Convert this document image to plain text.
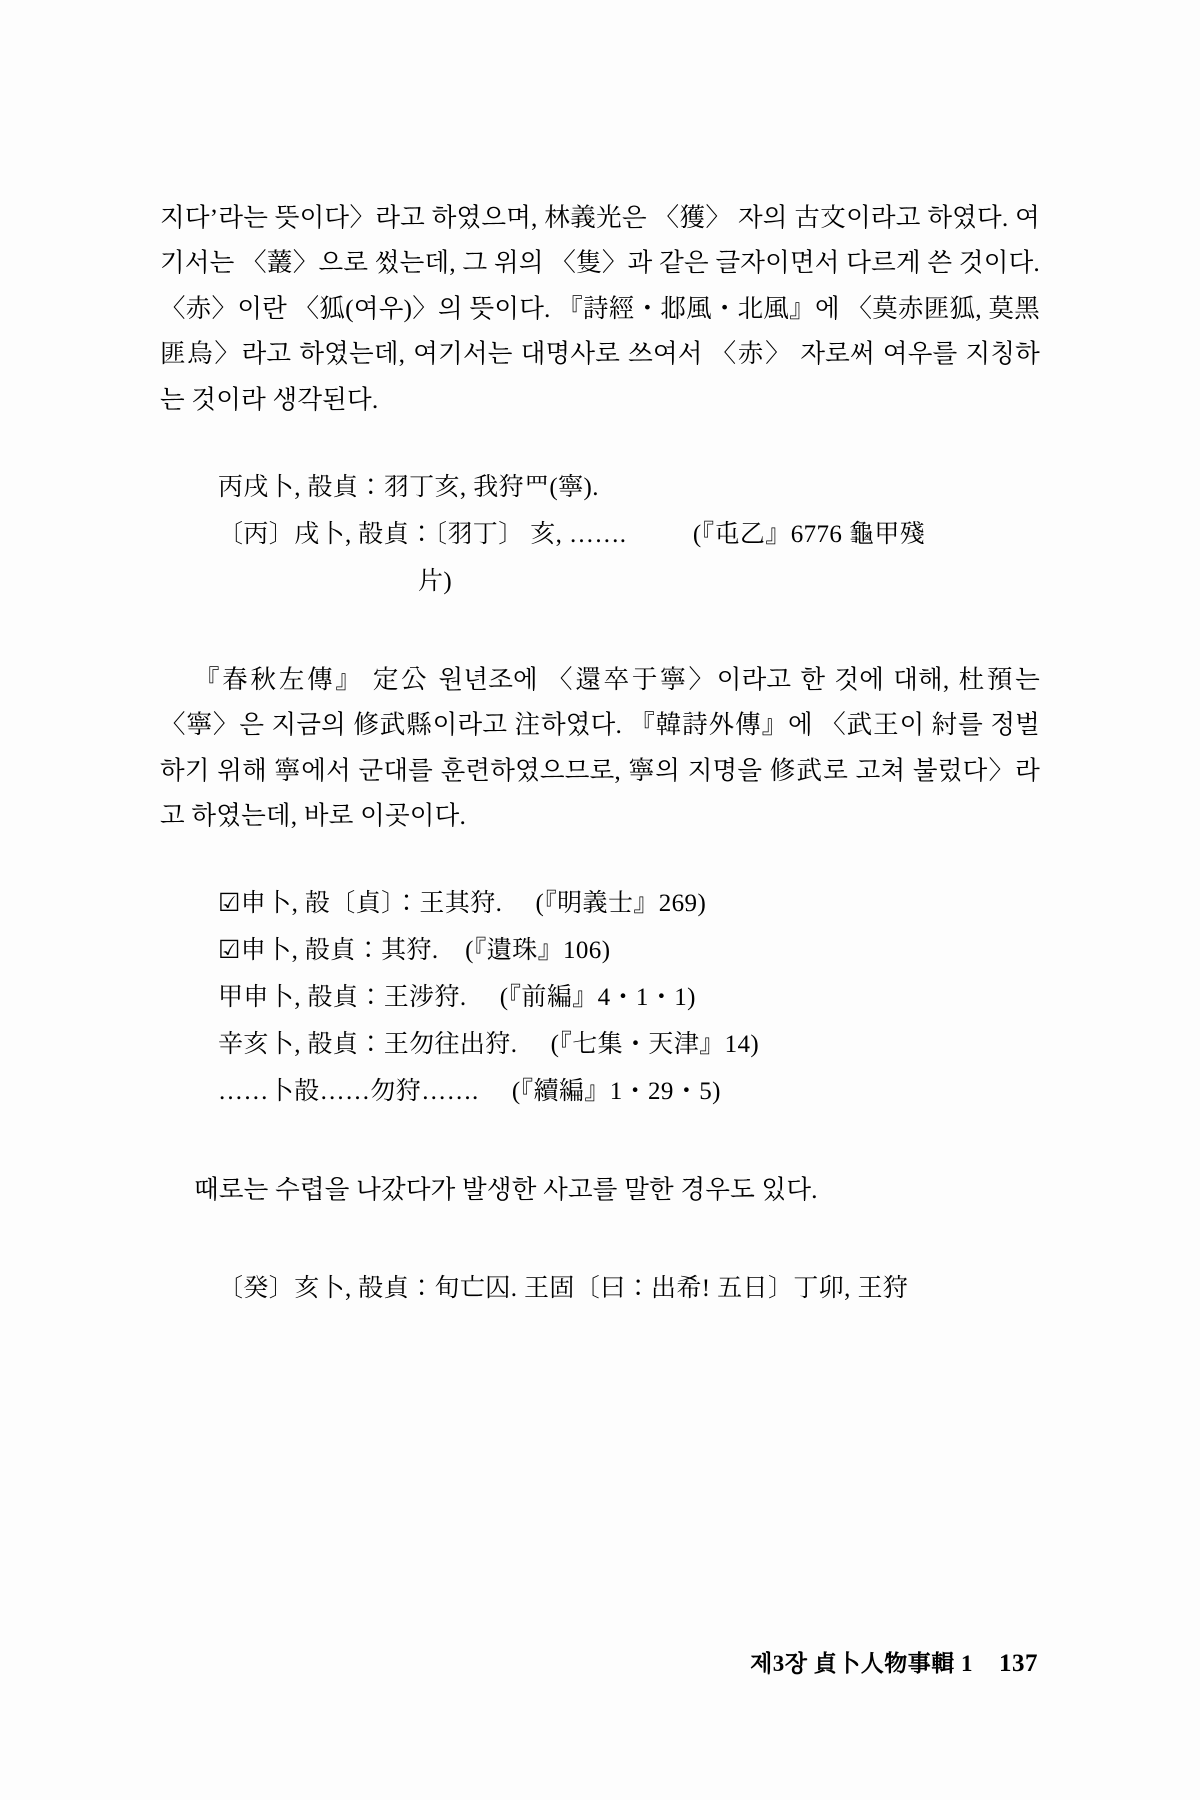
지다’라는 뜻이다〉라고 하였으며, 林義光은 〈獲〉 자의 古文이라고 하였다. 여기서는 〈䕺〉으로 썼는데, 그 위의 〈隻〉과 같은 글자이면서 다르게 쓴 것이다. 〈赤〉이란 〈狐(여우)〉의 뜻이다. 『詩經・邶風・北風』에 〈莫赤匪狐, 莫黑匪烏〉라고 하였는데, 여기서는 대명사로 쓰여서 〈赤〉 자로써 여우를 지칭하는 것이라 생각된다.

丙戌卜, 㱿貞：羽丁亥, 我狩罒(寧).
〔丙〕戌卜, 㱿貞：〔羽丁〕 亥, …….          (『屯乙』6776 龜甲殘
片)

『春秋左傳』 定公 원년조에 〈還卒于寧〉이라고 한 것에 대해, 杜預는 〈寧〉은 지금의 修武縣이라고 注하였다. 『韓詩外傳』에 〈武王이 紂를 정벌하기 위해 寧에서 군대를 훈련하였으므로, 寧의 지명을 修武로 고쳐 불렀다〉라고 하였는데, 바로 이곳이다.

☑申卜, 㱿〔貞〕：王其狩.     (『明義士』269)
☑申卜, 㱿貞：其狩.    (『遺珠』106)
甲申卜, 㱿貞：王涉狩.     (『前編』4・1・1)
辛亥卜, 㱿貞：王勿往出狩.     (『七集・天津』14)
……卜㱿……勿狩…….     (『續編』1・29・5)

때로는 수렵을 나갔다가 발생한 사고를 말한 경우도 있다.

〔癸〕亥卜, 㱿貞：旬亡囚. 王固〔曰：出希! 五日〕丁卯, 王狩
제3장 貞卜人物事輯 1 137
